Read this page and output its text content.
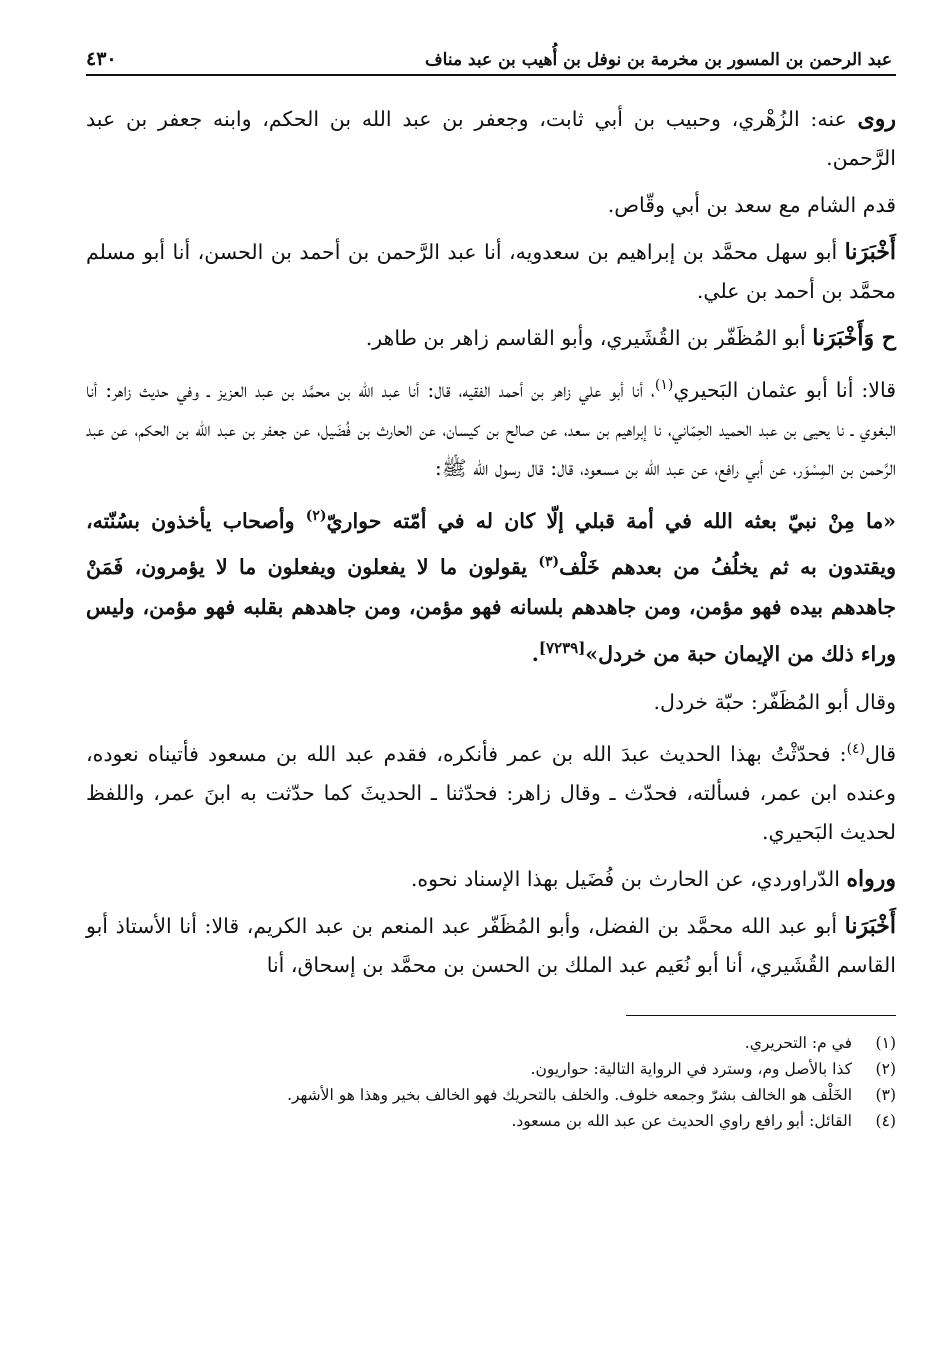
عبد الرحمن بن المسور بن مخرمة بن نوفل بن أُهيب بن عبد مناف
٤٣٠

روى عنه: الزُهْري، وحبيب بن أبي ثابت، وجعفر بن عبد الله بن الحكم، وابنه جعفر بن عبد الرَّحمن.

قدم الشام مع سعد بن أبي وقّاص.

أَخْبَرَنا أبو سهل محمَّد بن إبراهيم بن سعدويه، أنا عبد الرَّحمن بن أحمد بن الحسن، أنا أبو مسلم محمَّد بن أحمد بن علي.

ح وَأَخْبَرَنا أبو المُظَفّر بن القُشَيري، وأبو القاسم زاهر بن طاهر.

قالا: أنا أبو عثمان البَحيري$^{(١)}$، أنا أبو علي زاهر بن أحمد الفقيه، قال: أنا عبد الله بن محمَّد بن عبد العزيز ـ وفي حديث زاهر: أنا البغوي ـ نا يحيى بن عبد الحميد الحِمّاني، نا إبراهيم بن سعد، عن صالح بن كيسان، عن الحارث بن فُضَيل، عن جعفر بن عبد الله بن الحكم، عن عبد الرَّحمن بن المِسْوَر، عن أبي رافع، عن عبد الله بن مسعود، قال: قال رسول الله ﷺ:

«ما مِنْ نبيّ بعثه الله في أمة قبلي إلّا كان له في أمّته حواريّ$^{(٢)}$ وأصحاب يأخذون بسُنّته، ويقتدون به ثم يخلُفُ من بعدهم خَلْف$^{(٣)}$ يقولون ما لا يفعلون ويفعلون ما لا يؤمرون، فَمَنْ جاهدهم بيده فهو مؤمن، ومن جاهدهم بلسانه فهو مؤمن، ومن جاهدهم بقلبه فهو مؤمن، وليس وراء ذلك من الإيمان حبة من خردل»[٧٢٣٩].

وقال أبو المُظَفّر: حبّة خردل.

قال$^{(٤)}$: فحدّثْتُ بهذا الحديث عبدَ الله بن عمر فأنكره، فقدم عبد الله بن مسعود فأتيناه نعوده، وعنده ابن عمر، فسألته، فحدّث ـ وقال زاهر: فحدّثنا ـ الحديثَ كما حدّثت به ابنَ عمر، واللفظ لحديث البَحيري.

ورواه الدّراوردي، عن الحارث بن فُضَيل بهذا الإسناد نحوه.

أَخْبَرَنا أبو عبد الله محمَّد بن الفضل، وأبو المُظَفّر عبد المنعم بن عبد الكريم، قالا: أنا الأستاذ أبو القاسم القُشَيري، أنا أبو نُعَيم عبد الملك بن الحسن بن محمَّد بن إسحاق، أنا

(١)
في م: التحريري.
(٢)
كذا بالأصل وم، وسترد في الرواية التالية: حواريون.
(٣)
الخَلْف هو الخالف بشرّ وجمعه خلوف. والخلف بالتحريك فهو الخالف بخير وهذا هو الأشهر.
(٤)
القائل: أبو رافع راوي الحديث عن عبد الله بن مسعود.
